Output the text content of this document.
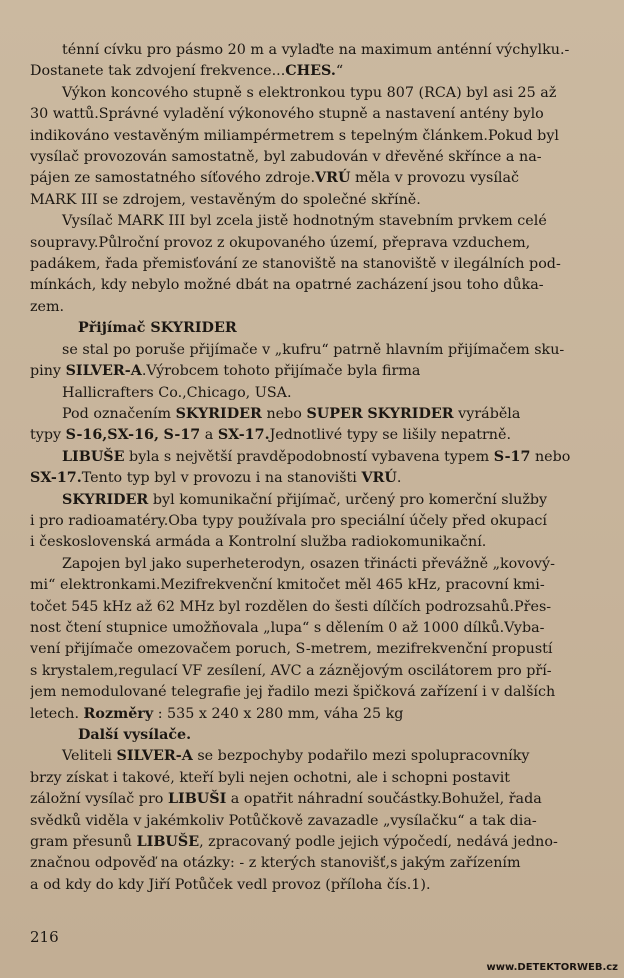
ténní cívku pro pásmo 20 m a vylaďte na maximum anténní výchylku.-
Dostanete tak zdvojení frekvence...CHES.“
Výkon koncového stupně s elektronkou typu 807 (RCA) byl asi 25 až
30 wattů.Správné vyladění výkonového stupně a nastavení antény bylo
indikováno vestavěným miliampérmetrem s tepelným článkem.Pokud byl
vysílač provozován samostatně, byl zabudován v dřevěné skřínce a na-
pájen ze samostatného síťového zdroje.VRÚ měla v provozu vysílač
MARK III se zdrojem, vestavěným do společné skříně.
Vysílač MARK III byl zcela jistě hodnotným stavebním prvkem celé
soupravy.Půlroční provoz z okupovaného území, přeprava vzduchem,
padákem, řada přemisťování ze stanoviště na stanoviště v ilegálních pod-
mínkách, kdy nebylo možné dbát na opatrné zacházení jsou toho důka-
zem.
Přijímač SKYRIDER
se stal po poruše přijímače v „kufru“ patrně hlavním přijímačem sku-
piny SILVER-A.Výrobcem tohoto přijímače byla firma
Hallicrafters Co.,Chicago, USA.
Pod označením SKYRIDER nebo SUPER SKYRIDER vyráběla
typy S-16,SX-16, S-17 a SX-17.Jednotlivé typy se lišily nepatrně.
LIBUŠE byla s největší pravděpodobností vybavena typem S-17 nebo
SX-17.Tento typ byl v provozu i na stanovišti VRÚ.
SKYRIDER byl komunikační přijímač, určený pro komerční služby
i pro radioamatéry.Oba typy používala pro speciální účely před okupací
i československá armáda a Kontrolní služba radiokomunikační.
Zapojen byl jako superheterodyn, osazen třinácti převážně „kovový-
mi“ elektronkami.Mezifrekvenční kmitočet měl 465 kHz, pracovní kmi-
točet 545 kHz až 62 MHz byl rozdělen do šesti dílčích podrozsahů.Přes-
nost čtení stupnice umožňovala „lupa“ s dělením 0 až 1000 dílků.Vyba-
vení přijímače omezovačem poruch, S-metrem, mezifrekvenční propustí
s krystalem,regulací VF zesílení, AVC a záznějovým oscilátorem pro pří-
jem nemodulované telegrafie jej řadilo mezi špičková zařízení i v dalších
letech. Rozměry : 535 x 240 x 280 mm, váha 25 kg
Další vysílače.
Veliteli SILVER-A se bezpochyby podařilo mezi spolupracovníky
brzy získat i takové, kteří byli nejen ochotni, ale i schopni postavit
záložní vysílač pro LIBUŠI a opatřit náhradní součástky.Bohužel, řada
svědků viděla v jakémkoliv Potůčkově zavazadle „vysílačku“ a tak dia-
gram přesunů LIBUŠE, zpracovaný podle jejich výpočedí, nedává jedno-
značnou odpověď na otázky: - z kterých stanovišť,s jakým zařízením
a od kdy do kdy Jiří Potůček vedl provoz (příloha čís.1).
216
www.DETEKTORWEB.cz
